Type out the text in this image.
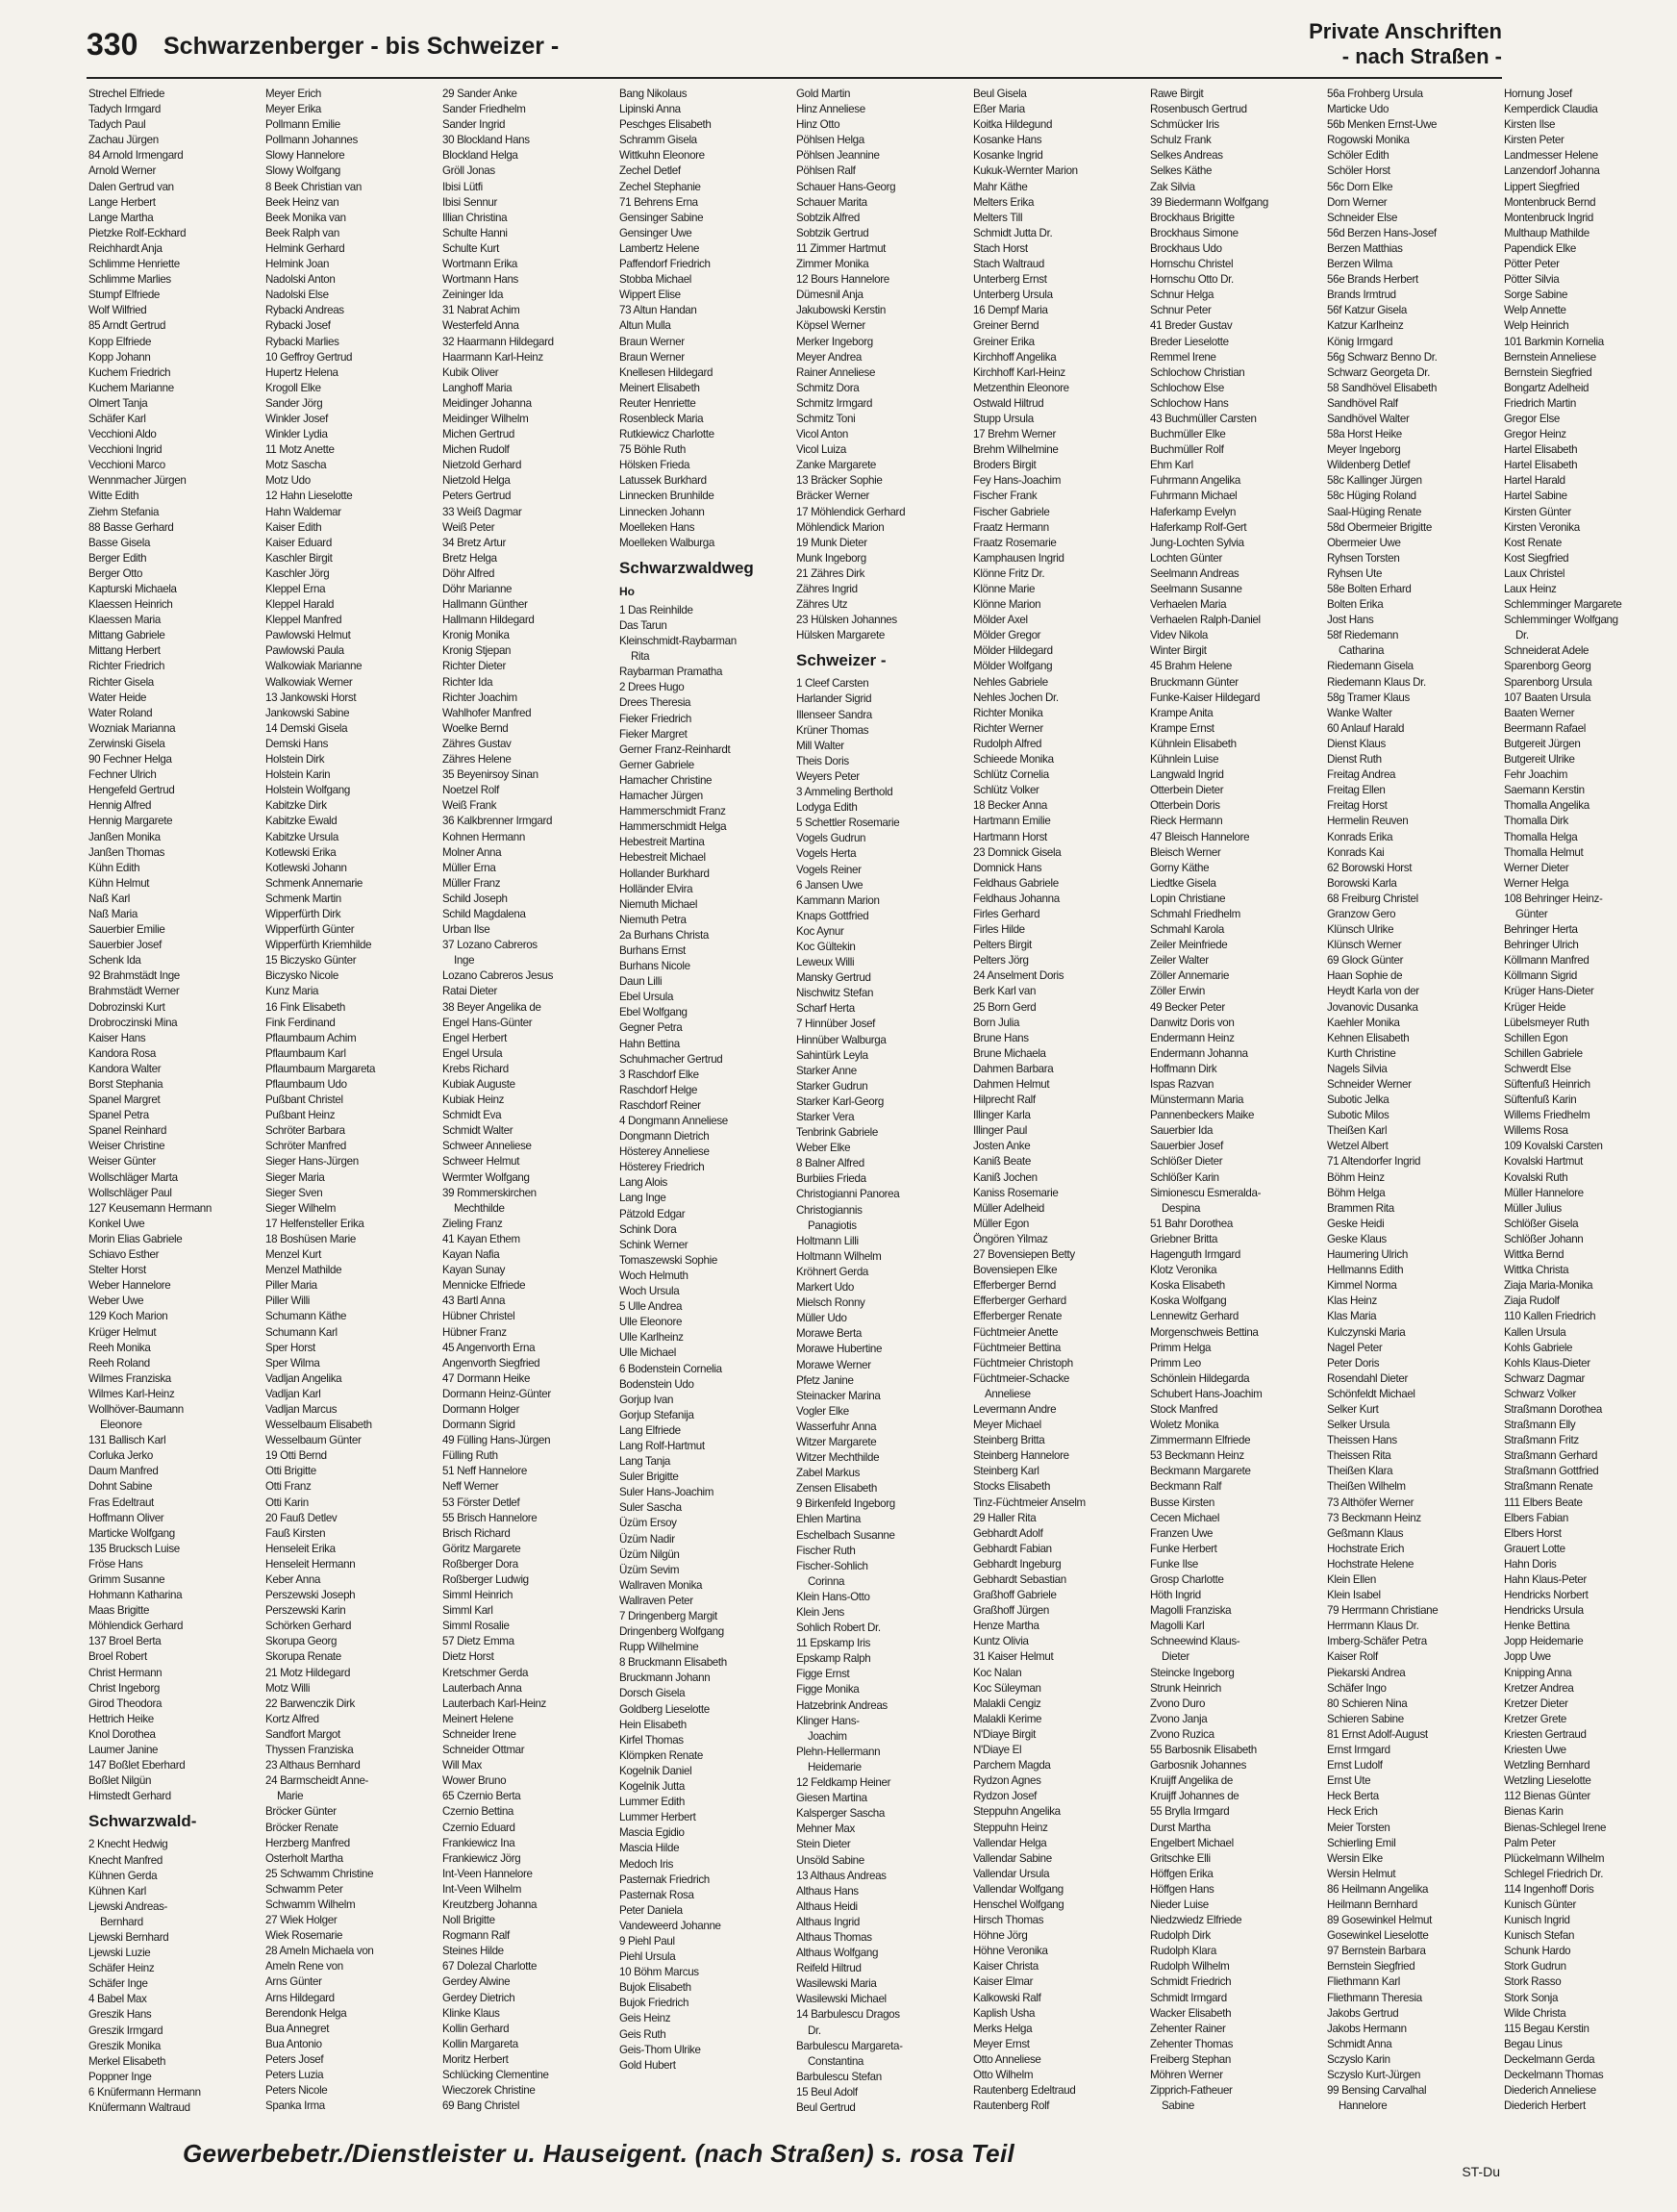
330 Schwarzenberger - bis Schweizer -
Private Anschriften
- nach Straßen -
Strechel Elfriede
Tadych Irmgard
Tadych Paul
Zachau Jürgen
84 Arnold Irmengard
Arnold Werner
Dalen Gertrud van
Lange Herbert
Lange Martha
Pietzke Rolf-Eckhard
Reichhardt Anja
Schlimme Henriette
Schlimme Marlies
Stumpf Elfriede
Wolf Wilfried
85 Arndt Gertrud
Kopp Elfriede
Kopp Johann
Kuchem Friedrich
Kuchem Marianne
Olmert Tanja
Schäfer Karl
Vecchioni Aldo
Vecchioni Ingrid
Vecchioni Marco
Wennmacher Jürgen
Witte Edith
Ziehm Stefania
88 Basse Gerhard
Basse Gisela
Berger Edith
Berger Otto
Kapturski Michaela
Klaessen Heinrich
Klaessen Maria
Mittang Gabriele
Mittang Herbert
Richter Friedrich
Richter Gisela
Water Heide
Water Roland
Wozniak Marianna
Zerwinski Gisela
90 Fechner Helga
Fechner Ulrich
Hengefeld Gertrud
Hennig Alfred
Hennig Margarete
Janßen Monika
Janßen Thomas
Kühn Edith
Kühn Helmut
Naß Karl
Naß Maria
Sauerbier Emilie
Sauerbier Josef
Schenk Ida
92 Brahmstädt Inge
Brahmstädt Werner
Dobrozinski Kurt
Drobroczinski Mina
Kaiser Hans
Kandora Rosa
Kandora Walter
Borst Stephania
Spanel Margret
Spanel Petra
Spanel Reinhard
Weiser Christine
Weiser Günter
Wollschläger Marta
Wollschläger Paul
127 Keusemann Hermann
Konkel Uwe
Morin Elias Gabriele
Schiavo Esther
Stelter Horst
Weber Hannelore
Weber Uwe
129 Koch Marion
Krüger Helmut
Reeh Monika
Reeh Roland
Wilmes Franziska
Wilmes Karl-Heinz
Wollhöver-Baumann
Eleonore
131 Ballisch Karl
Corluka Jerko
Daum Manfred
Dohnt Sabine
Fras Edeltraut
Hoffmann Oliver
Marticke Wolfgang
135 Brucksch Luise
Fröse Hans
Grimm Susanne
Hohmann Katharina
Maas Brigitte
Möhlendick Gerhard
137 Broel Berta
Broel Robert
Christ Hermann
Christ Ingeborg
Girod Theodora
Hettrich Heike
Knol Dorothea
Laumer Janine
147 Boßlet Eberhard
Boßlet Nilgün
Himstedt Gerhard
Schwarzwald-
2 Knecht Hedwig
Knecht Manfred
Kühnen Gerda
Kühnen Karl
Ljewski Andreas-
Bernhard
Ljewski Bernhard
Ljewski Luzie
Schäfer Heinz
Schäfer Inge
4 Babel Max
Greszik Hans
Greszik Irmgard
Greszik Monika
Merkel Elisabeth
Poppner Inge
6 Knüfermann Hermann
Knüfermann Waltraud
Meyer Erich
Meyer Erika
Pollmann Emilie
Pollmann Johannes
Slowy Hannelore
Slowy Wolfgang
8 Beek Christian van
Beek Heinz van
Beek Monika van
Beek Ralph van
Helmink Gerhard
Helmink Joan
Nadolski Anton
Nadolski Else
Rybacki Andreas
Rybacki Josef
Rybacki Marlies
10 Geffroy Gertrud
Hupertz Helena
Krogoll Elke
Sander Jörg
Winkler Josef
Winkler Lydia
11 Motz Anette
Motz Sascha
Motz Udo
12 Hahn Lieselotte
Hahn Waldemar
Kaiser Edith
Kaiser Eduard
Kaschler Birgit
Kaschler Jörg
Kleppel Erna
Kleppel Harald
Kleppel Manfred
Pawlowski Helmut
Pawlowski Paula
Walkowiak Marianne
Walkowiak Werner
13 Jankowski Horst
Jankowski Sabine
14 Demski Gisela
Demski Hans
Holstein Dirk
Holstein Karin
Holstein Wolfgang
Kabitzke Dirk
Kabitzke Ewald
Kabitzke Ursula
Kotlewski Erika
Kotlewski Johann
Schmenk Annemarie
Schmenk Martin
Wipperfürth Dirk
Wipperfürth Günter
Wipperfürth Kriemhilde
15 Biczysko Günter
Biczysko Nicole
Kunz Maria
16 Fink Elisabeth
Fink Ferdinand
Pflaumbaum Achim
Pflaumbaum Karl
Pflaumbaum Margareta
Pflaumbaum Udo
Pußbant Christel
Pußbant Heinz
Schröter Barbara
Schröter Manfred
Sieger Hans-Jürgen
Sieger Maria
Sieger Sven
Sieger Wilhelm
17 Helfensteller Erika
18 Boshüsen Marie
Menzel Kurt
Menzel Mathilde
Piller Maria
Piller Willi
Schumann Käthe
Schumann Karl
Sper Horst
Sper Wilma
Vadljan Angelika
Vadljan Karl
Vadljan Marcus
Wesselbaum Elisabeth
Wesselbaum Günter
19 Otti Bernd
Otti Brigitte
Otti Franz
Otti Karin
20 Fauß Detlev
Fauß Kirsten
Henseleit Erika
Henseleit Hermann
Keber Anna
Perszewski Joseph
Perszewski Karin
Schörken Gerhard
Skorupa Georg
Skorupa Renate
21 Motz Hildegard
Motz Willi
22 Barwenczik Dirk
Kortz Alfred
Sandfort Margot
Thyssen Franziska
23 Althaus Bernhard
24 Barmscheidt Anne-
Marie
Bröcker Günter
Bröcker Renate
Herzberg Manfred
Osterholt Martha
25 Schwamm Christine
Schwamm Peter
Schwamm Wilhelm
27 Wiek Holger
Wiek Rosemarie
28 Ameln Michaela von
Ameln Rene von
Arns Günter
Arns Hildegard
Berendonk Helga
Bua Annegret
Bua Antonio
Peters Josef
Peters Luzia
Peters Nicole
Spanka Irma
29 Sander Anke
Sander Friedhelm
Sander Ingrid
30 Blockland Hans
Blockland Helga
Gröll Jonas
Ibisi Lütfi
Ibisi Sennur
Illian Christina
Schulte Hanni
Schulte Kurt
Wortmann Erika
Wortmann Hans
Zeininger Ida
31 Nabrat Achim
Westerfeld Anna
32 Haarmann Hildegard
Haarmann Karl-Heinz
Kubik Oliver
Langhoff Maria
Meidinger Johanna
Meidinger Wilhelm
Michen Gertrud
Michen Rudolf
Nietzold Gerhard
Nietzold Helga
Peters Gertrud
33 Weiß Dagmar
Weiß Peter
34 Bretz Artur
Bretz Helga
Döhr Alfred
Döhr Marianne
Hallmann Günther
Hallmann Hildegard
Kronig Monika
Kronig Stjepan
Richter Dieter
Richter Ida
Richter Joachim
Wahlhofer Manfred
Woelke Bernd
Zähres Gustav
Zähres Helene
35 Beyenirsoy Sinan
Noetzel Rolf
Weiß Frank
36 Kalkbrenner Irmgard
Kohnen Hermann
Molner Anna
Müller Erna
Müller Franz
Schild Joseph
Schild Magdalena
Urban Ilse
37 Lozano Cabreros
Inge
Lozano Cabreros Jesus
Ratai Dieter
38 Beyer Angelika de
Engel Hans-Günter
Engel Herbert
Engel Ursula
Krebs Richard
Kubiak Auguste
Kubiak Heinz
Schmidt Eva
Schmidt Walter
Schweer Anneliese
Schweer Helmut
Wermter Wolfgang
39 Rommerskirchen
Mechthilde
Zieling Franz
41 Kayan Ethem
Kayan Nafia
Kayan Sunay
Mennicke Elfriede
43 Bartl Anna
Hübner Christel
Hübner Franz
45 Angenvorth Erna
Angenvorth Siegfried
47 Dormann Heike
Dormann Heinz-Günter
Dormann Holger
Dormann Sigrid
49 Fülling Hans-Jürgen
Fülling Ruth
51 Neff Hannelore
Neff Werner
53 Förster Detlef
55 Brisch Hannelore
Brisch Richard
Göritz Margarete
Roßberger Dora
Roßberger Ludwig
Simml Heinrich
Simml Karl
Simml Rosalie
57 Dietz Emma
Dietz Horst
Kretschmer Gerda
Lauterbach Anna
Lauterbach Karl-Heinz
Meinert Helene
Schneider Irene
Schneider Ottmar
Will Max
Wower Bruno
65 Czernio Berta
Czernio Bettina
Czernio Eduard
Frankiewicz Ina
Frankiewicz Jörg
Int-Veen Hannelore
Int-Veen Wilhelm
Kreutzberg Johanna
Noll Brigitte
Rogmann Ralf
Steines Hilde
67 Dolezal Charlotte
Gerdey Alwine
Gerdey Dietrich
Klinke Klaus
Kollin Gerhard
Kollin Margareta
Moritz Herbert
Schlücking Clementine
Wieczorek Christine
69 Bang Christel
Bang Nikolaus
Lipinski Anna
Peschges Elisabeth
Schramm Gisela
Wittkuhn Eleonore
Zechel Detlef
Zechel Stephanie
71 Behrens Erna
Gensinger Sabine
Gensinger Uwe
Lambertz Helene
Paffendorf Friedrich
Stobba Michael
Wippert Elise
73 Altun Handan
Altun Mulla
Braun Werner
Braun Werner
Knellesen Hildegard
Meinert Elisabeth
Reuter Henriette
Rosenbleck Maria
Rutkiewicz Charlotte
75 Böhle Ruth
Hölsken Frieda
Latussek Burkhard
Linnecken Brunhilde
Linnecken Johann
Moelleken Hans
Moelleken Walburga
Schwarzwaldweg
Ho
1 Das Reinhilde
Das Tarun
Kleinschmidt-Raybarman
Rita
Raybarman Pramatha
2 Drees Hugo
Drees Theresia
Fieker Friedrich
Fieker Margret
Gerner Franz-Reinhardt
Gerner Gabriele
Hamacher Christine
Hamacher Jürgen
Hammerschmidt Franz
Hammerschmidt Helga
Hebestreit Martina
Hebestreit Michael
Hollander Burkhard
Holländer Elvira
Niemuth Michael
Niemuth Petra
2a Burhans Christa
Burhans Ernst
Burhans Nicole
Daun Lilli
Ebel Ursula
Ebel Wolfgang
Gegner Petra
Hahn Bettina
Schuhmacher Gertrud
3 Raschdorf Elke
Raschdorf Helge
Raschdorf Reiner
4 Dongmann Anneliese
Dongmann Dietrich
Hösterey Anneliese
Hösterey Friedrich
Lang Alois
Lang Inge
Pätzold Edgar
Schink Dora
Schink Werner
Tomaszewski Sophie
Woch Helmuth
Woch Ursula
5 Ulle Andrea
Ulle Eleonore
Ulle Karlheinz
Ulle Michael
6 Bodenstein Cornelia
Bodenstein Udo
Gorjup Ivan
Gorjup Stefanija
Lang Elfriede
Lang Rolf-Hartmut
Lang Tanja
Suler Brigitte
Suler Hans-Joachim
Suler Sascha
Üzüm Ersoy
Üzüm Nadir
Üzüm Nilgün
Üzüm Sevim
Wallraven Monika
Wallraven Peter
7 Dringenberg Margit
Dringenberg Wolfgang
Rupp Wilhelmine
8 Bruckmann Elisabeth
Bruckmann Johann
Dorsch Gisela
Goldberg Lieselotte
Hein Elisabeth
Kirfel Thomas
Klömpken Renate
Kogelnik Daniel
Kogelnik Jutta
Lummer Edith
Lummer Herbert
Mascia Egidio
Mascia Hilde
Medoch Iris
Pasternak Friedrich
Pasternak Rosa
Peter Daniela
Vandeweerd Johanne
9 Piehl Paul
Piehl Ursula
10 Böhm Marcus
Bujok Elisabeth
Bujok Friedrich
Geis Heinz
Geis Ruth
Geis-Thom Ulrike
Gold Hubert
Gold Martin
Hinz Anneliese
Hinz Otto
Pöhlsen Helga
Pöhlsen Jeannine
Pöhlsen Ralf
Schauer Hans-Georg
Schauer Marita
Sobtzik Alfred
Sobtzik Gertrud
11 Zimmer Hartmut
Zimmer Monika
12 Bours Hannelore
Dümesnil Anja
Jakubowski Kerstin
Köpsel Werner
Merker Ingeborg
Meyer Andrea
Rainer Anneliese
Schmitz Dora
Schmitz Irmgard
Schmitz Toni
Vicol Anton
Vicol Luiza
Zanke Margarete
13 Bräcker Sophie
Bräcker Werner
17 Möhlendick Gerhard
Möhlendick Marion
19 Munk Dieter
Munk Ingeborg
21 Zähres Dirk
Zähres Ingrid
Zähres Utz
23 Hülsken Johannes
Hülsken Margarete
Schweizer -
1 Cleef Carsten
Harlander Sigrid
Illenseer Sandra
Krüner Thomas
Mill Walter
Theis Doris
Weyers Peter
3 Ammeling Berthold
Lodyga Edith
5 Schettler Rosemarie
Vogels Gudrun
Vogels Herta
Vogels Reiner
6 Jansen Uwe
Kammann Marion
Knaps Gottfried
Koc Aynur
Koc Gültekin
Leweux Willi
Mansky Gertrud
Nischwitz Stefan
Scharf Herta
7 Hinnüber Josef
Hinnüber Walburga
Sahintürk Leyla
Starker Anne
Starker Gudrun
Starker Karl-Georg
Starker Vera
Tenbrink Gabriele
Weber Elke
8 Balner Alfred
Burbiies Frieda
Christogianni Panorea
Christogiannis
Panagiotis
Holtmann Lilli
Holtmann Wilhelm
Kröhnert Gerda
Markert Udo
Mielsch Ronny
Müller Udo
Morawe Berta
Morawe Hubertine
Morawe Werner
Pfetz Janine
Steinacker Marina
Vogler Elke
Wasserfuhr Anna
Witzer Margarete
Witzer Mechthilde
Zabel Markus
Zensen Elisabeth
9 Birkenfeld Ingeborg
Ehlen Martina
Eschelbach Susanne
Fischer Ruth
Fischer-Sohlich
Corinna
Klein Hans-Otto
Klein Jens
Sohlich Robert Dr.
11 Epskamp Iris
Epskamp Ralph
Figge Ernst
Figge Monika
Hatzebrink Andreas
Klinger Hans-
Joachim
Plehn-Hellermann
Heidemarie
12 Feldkamp Heiner
Giesen Martina
Kalsperger Sascha
Mehner Max
Stein Dieter
Unsöld Sabine
13 Althaus Andreas
Althaus Hans
Althaus Heidi
Althaus Ingrid
Althaus Thomas
Althaus Wolfgang
Reifeld Hiltrud
Wasilewski Maria
Wasilewski Michael
14 Barbulescu Dragos
Dr.
Barbulescu Margareta-
Constantina
Barbulescu Stefan
15 Beul Adolf
Beul Gertrud
Beul Gisela
Eßer Maria
Koitka Hildegund
Kosanke Hans
Kosanke Ingrid
Kukuk-Wernter Marion
Mahr Käthe
Melters Erika
Melters Till
Schmidt Jutta Dr.
Stach Horst
Stach Waltraud
Unterberg Ernst
Unterberg Ursula
16 Dempf Maria
Greiner Bernd
Greiner Erika
Kirchhoff Angelika
Kirchhoff Karl-Heinz
Metzenthin Eleonore
Ostwald Hiltrud
Stupp Ursula
17 Brehm Werner
Brehm Wilhelmine
Broders Birgit
Fey Hans-Joachim
Fischer Frank
Fischer Gabriele
Fraatz Hermann
Fraatz Rosemarie
Kamphausen Ingrid
Klönne Fritz Dr.
Klönne Marie
Klönne Marion
Mölder Axel
Mölder Gregor
Mölder Hildegard
Mölder Wolfgang
Nehles Gabriele
Nehles Jochen Dr.
Richter Monika
Richter Werner
Rudolph Alfred
Schieede Monika
Schlütz Cornelia
Schlütz Volker
18 Becker Anna
Hartmann Emilie
Hartmann Horst
23 Domnick Gisela
Domnick Hans
Feldhaus Gabriele
Feldhaus Johanna
Firles Gerhard
Firles Hilde
Pelters Birgit
Pelters Jörg
24 Anselment Doris
Berk Karl van
25 Born Gerd
Born Julia
Brune Hans
Brune Michaela
Dahmen Barbara
Dahmen Helmut
Hilprecht Ralf
Illinger Karla
Illinger Paul
Josten Anke
Kaniß Beate
Kaniß Jochen
Kaniss Rosemarie
Müller Adelheid
Müller Egon
Öngören Yilmaz
27 Bovensiepen Betty
Bovensiepen Elke
Efferberger Bernd
Efferberger Gerhard
Efferberger Renate
Füchtmeier Anette
Füchtmeier Bettina
Füchtmeier Christoph
Füchtmeier-Schacke
Anneliese
Levermann Andre
Meyer Michael
Steinberg Britta
Steinberg Hannelore
Steinberg Karl
Stocks Elisabeth
Tinz-Füchtmeier Anselm
29 Haller Rita
Gebhardt Adolf
Gebhardt Fabian
Gebhardt Ingeburg
Gebhardt Sebastian
Graßhoff Gabriele
Graßhoff Jürgen
Henze Martha
Kuntz Olivia
31 Kaiser Helmut
Koc Nalan
Koc Süleyman
Malakli Cengiz
Malakli Kerime
N'Diaye Birgit
N'Diaye El
Parchem Magda
Rydzon Agnes
Rydzon Josef
Steppuhn Angelika
Steppuhn Heinz
Vallendar Helga
Vallendar Sabine
Vallendar Ursula
Vallendar Wolfgang
Henschel Wolfgang
Hirsch Thomas
Höhne Jörg
Höhne Veronika
Kaiser Christa
Kaiser Elmar
Kalkowski Ralf
Kaplish Usha
Merks Helga
Meyer Ernst
Otto Anneliese
Otto Wilhelm
Rautenberg Edeltraud
Rautenberg Rolf
Rawe Birgit
Rosenbusch Gertrud
Schmücker Iris
Schulz Frank
Selkes Andreas
Selkes Käthe
Zak Silvia
39 Biedermann Wolfgang
Brockhaus Brigitte
Brockhaus Simone
Brockhaus Udo
Hornschu Christel
Hornschu Otto Dr.
Schnur Helga
Schnur Peter
41 Breder Gustav
Breder Lieselotte
Remmel Irene
Schlochow Christian
Schlochow Else
Schlochow Hans
43 Buchmüller Carsten
Buchmüller Elke
Buchmüller Rolf
Ehm Karl
Fuhrmann Angelika
Fuhrmann Michael
Haferkamp Evelyn
Haferkamp Rolf-Gert
Jung-Lochten Sylvia
Lochten Günter
Seelmann Andreas
Seelmann Susanne
Verhaelen Maria
Verhaelen Ralph-Daniel
Videv Nikola
Winter Birgit
45 Brahm Helene
Bruckmann Günter
Funke-Kaiser Hildegard
Krampe Anita
Krampe Ernst
Kühnlein Elisabeth
Kühnlein Luise
Langwald Ingrid
Otterbein Dieter
Otterbein Doris
Rieck Hermann
47 Bleisch Hannelore
Bleisch Werner
Gorny Käthe
Liedtke Gisela
Lopin Christiane
Schmahl Friedhelm
Schmahl Karola
Zeiler Meinfriede
Zeiler Walter
Zöller Annemarie
Zöller Erwin
49 Becker Peter
Danwitz Doris von
Endermann Heinz
Endermann Johanna
Hoffmann Dirk
Ispas Razvan
Münstermann Maria
Pannenbeckers Maike
Sauerbier Ida
Sauerbier Josef
Schlößer Dieter
Schlößer Karin
Simionescu Esmeralda-
Despina
51 Bahr Dorothea
Griebner Britta
Hagenguth Irmgard
Klotz Veronika
Koska Elisabeth
Koska Wolfgang
Lennewitz Gerhard
Morgenschweis Bettina
Primm Helga
Primm Leo
Schönlein Hildegarda
Schubert Hans-Joachim
Stock Manfred
Woletz Monika
Zimmermann Elfriede
53 Beckmann Heinz
Beckmann Margarete
Beckmann Ralf
Busse Kirsten
Cecen Michael
Franzen Uwe
Funke Herbert
Funke Ilse
Grosp Charlotte
Höth Ingrid
Magolli Franziska
Magolli Karl
Schneewind Klaus-
Dieter
Steincke Ingeborg
Strunk Heinrich
Zvono Duro
Zvono Janja
Zvono Ruzica
55 Barbosnik Elisabeth
Garbosnik Johannes
Kruijff Angelika de
Kruijff Johannes de
55 Brylla Irmgard
Durst Martha
Engelbert Michael
Gritschke Elli
Höffgen Erika
Höffgen Hans
Nieder Luise
Niedzwiedz Elfriede
Rudolph Dirk
Rudolph Klara
Rudolph Wilhelm
Schmidt Friedrich
Schmidt Irmgard
Wacker Elisabeth
Zehenter Rainer
Zehenter Thomas
Freiberg Stephan
Möhren Werner
Zipprich-Fatheuer
Sabine
56a Frohberg Ursula
Marticke Udo
56b Menken Ernst-Uwe
Rogowski Monika
Schöler Edith
Schöler Horst
56c Dorn Elke
Dorn Werner
Schneider Else
56d Berzen Hans-Josef
Berzen Matthias
Berzen Wilma
56e Brands Herbert
Brands Irmtrud
56f Katzur Gisela
Katzur Karlheinz
König Irmgard
56g Schwarz Benno Dr.
Schwarz Georgeta Dr.
58 Sandhövel Elisabeth
Sandhövel Ralf
Sandhövel Walter
58a Horst Heike
Meyer Ingeborg
Wildenberg Detlef
58c Kallinger Jürgen
58c Hüging Roland
Saal-Hüging Renate
58d Obermeier Brigitte
Obermeier Uwe
Ryhsen Torsten
Ryhsen Ute
58e Bolten Erhard
Bolten Erika
Jost Hans
58f Riedemann
Catharina
Riedemann Gisela
Riedemann Klaus Dr.
58g Tramer Klaus
Wanke Walter
60 Anlauf Harald
Dienst Klaus
Dienst Ruth
Freitag Andrea
Freitag Ellen
Freitag Horst
Hermelin Reuven
Konrads Erika
Konrads Kai
62 Borowski Horst
Borowski Karla
68 Freiburg Christel
Granzow Gero
Klünsch Ulrike
Klünsch Werner
69 Glock Günter
Haan Sophie de
Heydt Karla von der
Jovanovic Dusanka
Kaehler Monika
Kehnen Elisabeth
Kurth Christine
Nagels Silvia
Schneider Werner
Subotic Jelka
Subotic Milos
Theißen Karl
Wetzel Albert
71 Altendorfer Ingrid
Böhm Heinz
Böhm Helga
Brammen Rita
Geske Heidi
Geske Klaus
Haumering Ulrich
Hellmanns Edith
Kimmel Norma
Klas Heinz
Klas Maria
Kulczynski Maria
Nagel Peter
Peter Doris
Rosendahl Dieter
Schönfeldt Michael
Selker Kurt
Selker Ursula
Theissen Hans
Theissen Rita
Theißen Klara
Theißen Wilhelm
73 Althöfer Werner
73 Beckmann Heinz
Geßmann Klaus
Hochstrate Erich
Hochstrate Helene
Klein Ellen
Klein Isabel
79 Herrmann Christiane
Herrmann Klaus Dr.
Imberg-Schäfer Petra
Kaiser Rolf
Piekarski Andrea
Schäfer Ingo
80 Schieren Nina
Schieren Sabine
81 Ernst Adolf-August
Ernst Irmgard
Ernst Ludolf
Ernst Ute
Heck Berta
Heck Erich
Meier Torsten
Schierling Emil
Wersin Elke
Wersin Helmut
86 Heilmann Angelika
Heilmann Bernhard
89 Gosewinkel Helmut
Gosewinkel Lieselotte
97 Bernstein Barbara
Bernstein Siegfried
Fliethmann Karl
Fliethmann Theresia
Jakobs Gertrud
Jakobs Hermann
Schmidt Anna
Sczyslo Karin
Sczyslo Kurt-Jürgen
99 Bensing Carvalhal
Hannelore
Hornung Josef
Kemperdick Claudia
Kirsten Ilse
Kirsten Peter
Landmesser Helene
Lanzendorf Johanna
Lippert Siegfried
Montenbruck Bernd
Montenbruck Ingrid
Multhaup Mathilde
Papendick Elke
Pötter Peter
Pötter Silvia
Sorge Sabine
Welp Annette
Welp Heinrich
101 Barkmin Kornelia
Bernstein Anneliese
Bernstein Siegfried
Bongartz Adelheid
Friedrich Martin
Gregor Else
Gregor Heinz
Hartel Elisabeth
Hartel Elisabeth
Hartel Harald
Hartel Sabine
Kirsten Günter
Kirsten Veronika
Kost Renate
Kost Siegfried
Laux Christel
Laux Heinz
Schlemminger Margarete
Schlemminger Wolfgang
Dr.
Schneiderat Adele
Sparenborg Georg
Sparenborg Ursula
107 Baaten Ursula
Baaten Werner
Beermann Rafael
Butgereit Jürgen
Butgereit Ulrike
Fehr Joachim
Saemann Kerstin
Thomalla Angelika
Thomalla Dirk
Thomalla Helga
Thomalla Helmut
Werner Dieter
Werner Helga
108 Behringer Heinz-
Günter
Behringer Herta
Behringer Ulrich
Köllmann Manfred
Köllmann Sigrid
Krüger Hans-Dieter
Krüger Heide
Lübelsmeyer Ruth
Schillen Egon
Schillen Gabriele
Schwerdt Else
Süftenfuß Heinrich
Süftenfuß Karin
Willems Friedhelm
Willems Rosa
109 Kovalski Carsten
Kovalski Hartmut
Kovalski Ruth
Müller Hannelore
Müller Julius
Schlößer Gisela
Schlößer Johann
Wittka Bernd
Wittka Christa
Ziaja Maria-Monika
Ziaja Rudolf
110 Kallen Friedrich
Kallen Ursula
Kohls Gabriele
Kohls Klaus-Dieter
Schwarz Dagmar
Schwarz Volker
Straßmann Dorothea
Straßmann Elly
Straßmann Fritz
Straßmann Gerhard
Straßmann Gottfried
Straßmann Renate
111 Elbers Beate
Elbers Fabian
Elbers Horst
Grauert Lotte
Hahn Doris
Hahn Klaus-Peter
Hendricks Norbert
Hendricks Ursula
Henke Bettina
Jopp Heidemarie
Jopp Uwe
Knipping Anna
Kretzer Andrea
Kretzer Dieter
Kretzer Grete
Kriesten Gertraud
Kriesten Uwe
Wetzling Bernhard
Wetzling Lieselotte
112 Bienas Günter
Bienas Karin
Bienas-Schlegel Irene
Palm Peter
Plückelmann Wilhelm
Schlegel Friedrich Dr.
114 Ingenhoff Doris
Kunisch Günter
Kunisch Ingrid
Kunisch Stefan
Schunk Hardo
Stork Gudrun
Stork Rasso
Stork Sonja
Wilde Christa
115 Begau Kerstin
Begau Linus
Deckelmann Gerda
Deckelmann Thomas
Diederich Anneliese
Diederich Herbert
Gewerbebetr./Dienstleister u. Hauseigent. (nach Straßen) s. rosa Teil
ST-Du
